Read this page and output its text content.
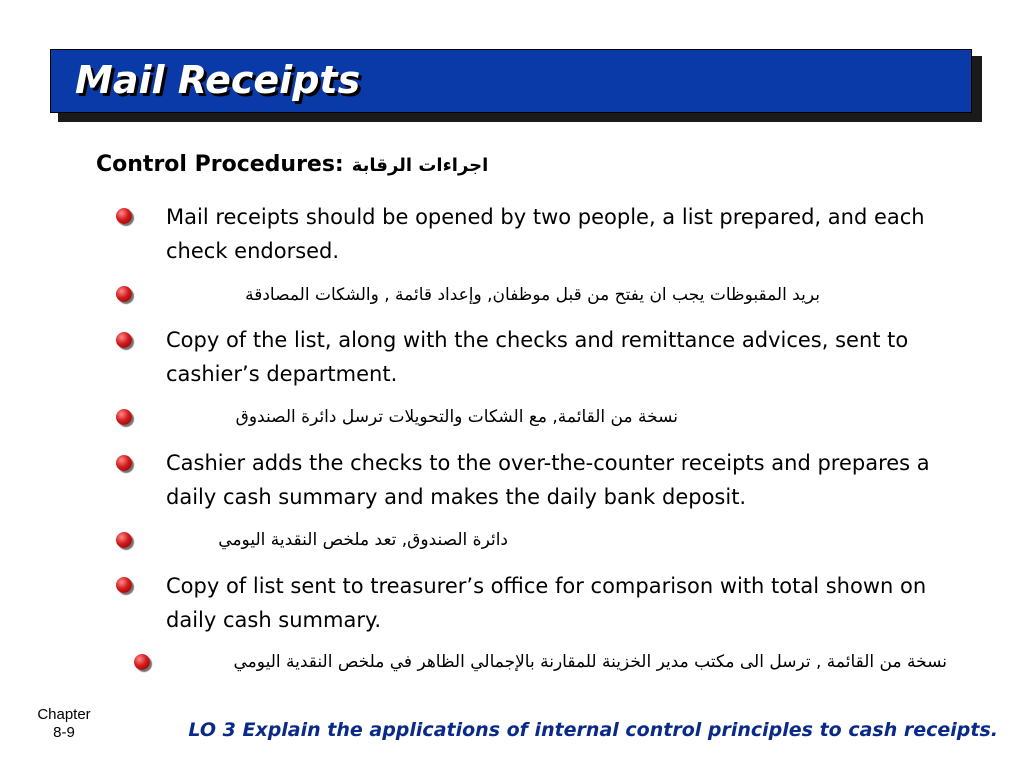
Mail Receipts
Control Procedures: اجراءات الرقابة
Mail receipts should be opened by two people, a list prepared, and each check endorsed.
بريد المقبوظات يجب ان يفتح من قبل موظفان, وإعداد قائمة , والشكات المصادقة
Copy of the list, along with the checks and remittance advices, sent to cashier’s department.
نسخة من القائمة, مع الشكات والتحويلات ترسل دائرة الصندوق
Cashier adds the checks to the over-the-counter receipts and prepares a daily cash summary and makes the daily bank deposit.
دائرة الصندوق, تعد ملخص النقدية اليومي
Copy of list sent to treasurer’s office for comparison with total shown on daily cash summary.
نسخة من القائمة , ترسل الى مكتب مدير الخزينة للمقارنة بالإجمالي الظاهر في ملخص النقدية اليومي
Chapter
8-9	LO 3 Explain the applications of internal control principles to cash receipts.
